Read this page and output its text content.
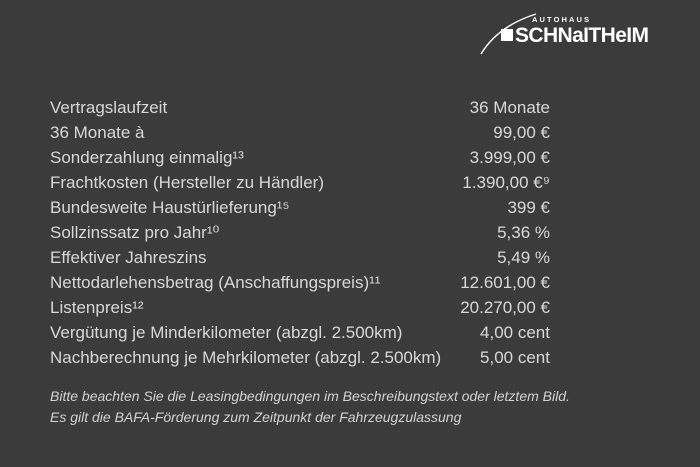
AUTOHAUS
SCHNaITHeIM
Vertragslaufzeit	36 Monate
36 Monate à	99,00 €
Sonderzahlung einmalig¹³	3.999,00 €
Frachtkosten (Hersteller zu Händler)	1.390,00 €⁹
Bundesweite Haustürlieferung¹⁵	399 €
Sollzinssatz pro Jahr¹⁰	5,36 %
Effektiver Jahreszins	5,49 %
Nettodarlehensbetrag (Anschaffungspreis)¹¹	12.601,00 €
Listenpreis¹²	20.270,00 €
Vergütung je Minderkilometer (abzgl. 2.500km)	4,00 cent
Nachberechnung je Mehrkilometer (abzgl. 2.500km) 5,00 cent
Bitte beachten Sie die Leasingbedingungen im Beschreibungstext oder letztem Bild.
Es gilt die BAFA-Förderung zum Zeitpunkt der Fahrzeugzulassung
